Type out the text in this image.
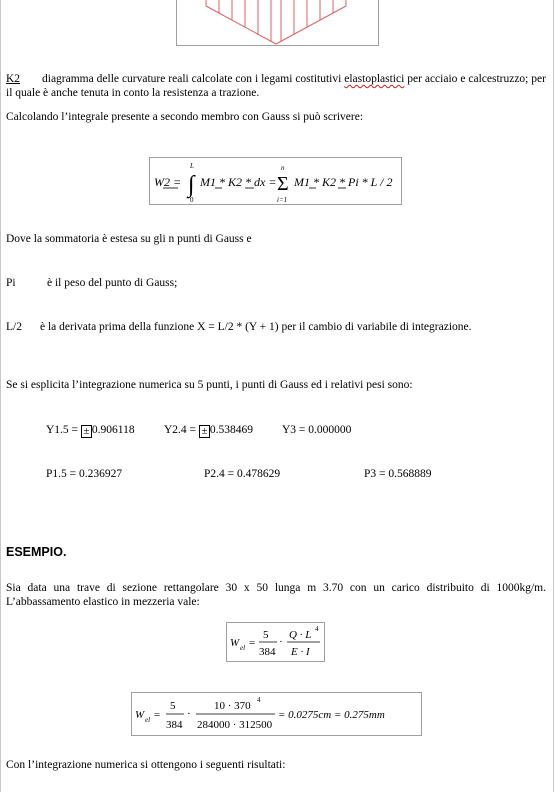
K2 diagramma delle curvature reali calcolate con i legami costitutivi elastoplastici per acciaio e calcestruzzo; per il quale è anche tenuta in conto la resistenza a trazione.
Calcolando l’integrale presente a secondo membro con Gauss si può scrivere:
W2 = ∫
L
0
M1 * K2 * dx = Σ
n
i=1
M1 * K2 * Pi * L / 2
Dove la sommatoria è estesa su gli n punti di Gauss e
Pi	è il peso del punto di Gauss;
L/2 è la derivata prima della funzione X = L/2 * (Y + 1) per il cambio di variabile di integrazione.
Se si esplicita l’integrazione numerica su 5 punti, i punti di Gauss ed i relativi pesi sono:
Y1.5 = ± 0.906118	Y2.4 = ± 0.538469	Y3 = 0.000000
P1.5 = 0.236927	P2.4 = 0.478629	P3 = 0.568889
ESEMPIO.
Sia data una trave di sezione rettangolare 30 x 50 lunga m 3.70 con un carico distribuito di 1000kg/m. L’abbassamento elastico in mezzeria vale:
W el =
5
384
·
Q · L 4
E · I
W el =
5
384
·
10 · 370 4
284000 · 312500
= 0.0275cm = 0.275mm
Con l’integrazione numerica si ottengono i seguenti risultati:
